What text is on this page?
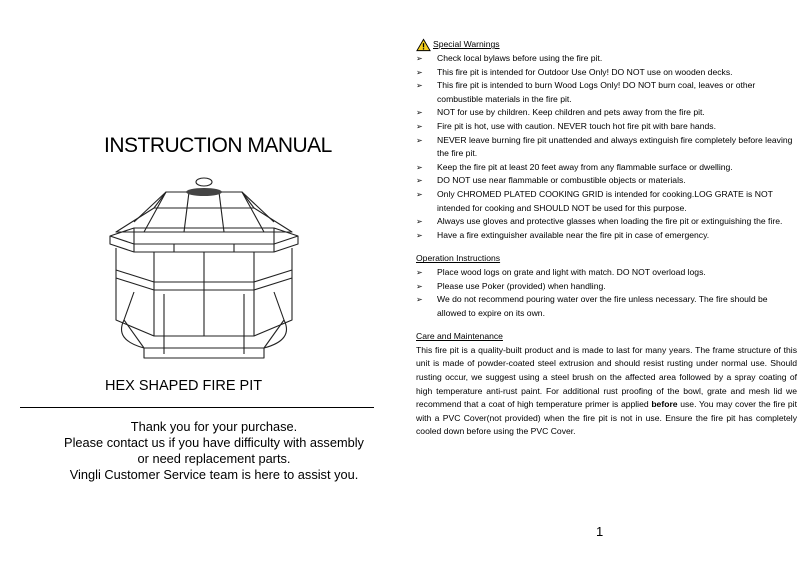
INSTRUCTION MANUAL
HEX SHAPED FIRE PIT
Thank you for your purchase.
Please contact us if you have difficulty with assembly
or need replacement parts.
Vingli Customer Service team is here to assist you.
Special Warnings
➢ Check local bylaws before using the fire pit.
➢ This fire pit is intended for Outdoor Use Only! DO NOT use on wooden decks.
➢ This fire pit is intended to burn Wood Logs Only! DO NOT burn coal, leaves or other combustible materials in the fire pit.
➢ NOT for use by children. Keep children and pets away from the fire pit.
➢ Fire pit is hot, use with caution. NEVER touch hot fire pit with bare hands.
➢ NEVER leave burning fire pit unattended and always extinguish fire completely before leaving the fire pit.
➢ Keep the fire pit at least 20 feet away from any flammable surface or dwelling.
➢ DO NOT use near flammable or combustible objects or materials.
➢ Only CHROMED PLATED COOKING GRID is intended for cooking.LOG GRATE is NOT intended for cooking and SHOULD NOT be used for this purpose.
➢ Always use gloves and protective glasses when loading the fire pit or extinguishing the fire.
➢ Have a fire extinguisher available near the fire pit in case of emergency.
Operation Instructions
➢ Place wood logs on grate and light with match. DO NOT overload logs.
➢ Please use Poker (provided) when handling.
➢ We do not recommend pouring water over the fire unless necessary. The fire should be allowed to expire on its own.
Care and Maintenance

This fire pit is a quality-built product and is made to last for many years. The frame structure of this unit is made of powder-coated steel extrusion and should resist rusting under normal use. Should rusting occur, we suggest using a steel brush on the affected area followed by a spray coating of high temperature anti-rust paint. For additional rust proofing of the bowl, grate and mesh lid we recommend that a coat of high temperature primer is applied before use. You may cover the fire pit with a PVC Cover(not provided) when the fire pit is not in use. Ensure the fire pit has completely cooled down before using the PVC Cover.

1
